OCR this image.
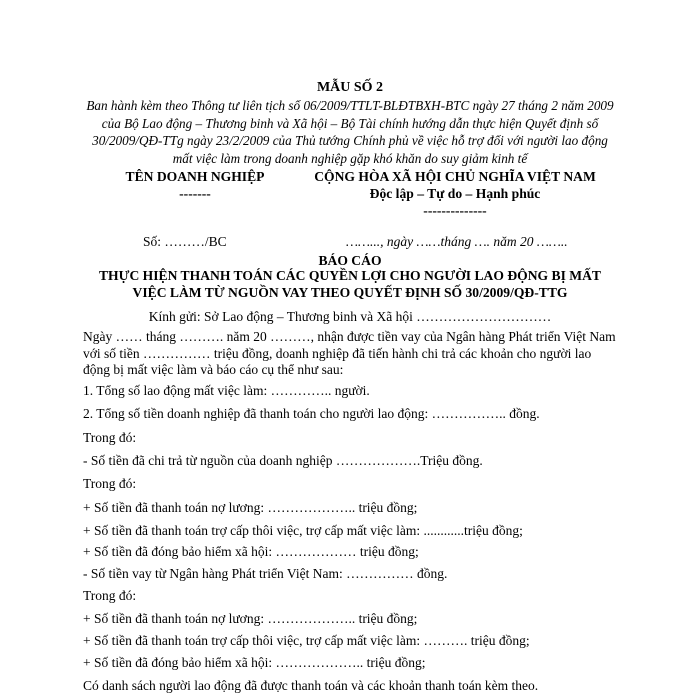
MẪU SỐ 2
Ban hành kèm theo Thông tư liên tịch số 06/2009/TTLT-BLĐTBXH-BTC ngày 27 tháng 2 năm 2009 của Bộ Lao động – Thương binh và Xã hội – Bộ Tài chính hướng dẫn thực hiện Quyết định số 30/2009/QĐ-TTg ngày 23/2/2009 của Thủ tướng Chính phủ về việc hỗ trợ đối với người lao động mất việc làm trong doanh nghiệp gặp khó khăn do suy giảm kinh tế
TÊN DOANH NGHIỆP
-------
CỘNG HÒA XÃ HỘI CHỦ NGHĨA VIỆT NAM
Độc lập – Tự do – Hạnh phúc
--------------
Số: ………/BC	……..., ngày ……tháng …. năm 20 ……..
BÁO CÁO
THỰC HIỆN THANH TOÁN CÁC QUYỀN LỢI CHO NGƯỜI LAO ĐỘNG BỊ MẤT VIỆC LÀM TỪ NGUỒN VAY THEO QUYẾT ĐỊNH SỐ 30/2009/QĐ-TTG
Kính gửi: Sở Lao động – Thương binh và Xã hội …………………………
Ngày …… tháng ………. năm 20 ………, nhận được tiền vay của Ngân hàng Phát triển Việt Nam với số tiền …………… triệu đồng, doanh nghiệp đã tiến hành chi trả các khoản cho người lao động bị mất việc làm và báo cáo cụ thể như sau:
1. Tổng số lao động mất việc làm: ………….. người.
2. Tổng số tiền doanh nghiệp đã thanh toán cho người lao động: …………….. đồng.
Trong đó:
- Số tiền đã chi trả từ nguồn của doanh nghiệp ……………….Triệu đồng.
Trong đó:
+ Số tiền đã thanh toán nợ lương: ……………….. triệu đồng;
+ Số tiền đã thanh toán trợ cấp thôi việc, trợ cấp mất việc làm: ............triệu đồng;
+ Số tiền đã đóng bảo hiểm xã hội: ……………… triệu đồng;
- Số tiền vay từ Ngân hàng Phát triển Việt Nam: …………… đồng.
Trong đó:
+ Số tiền đã thanh toán nợ lương: ……………….. triệu đồng;
+ Số tiền đã thanh toán trợ cấp thôi việc, trợ cấp mất việc làm: ………. triệu đồng;
+ Số tiền đã đóng bảo hiểm xã hội: ……………….. triệu đồng;
Có danh sách người lao động đã được thanh toán và các khoản thanh toán kèm theo.
